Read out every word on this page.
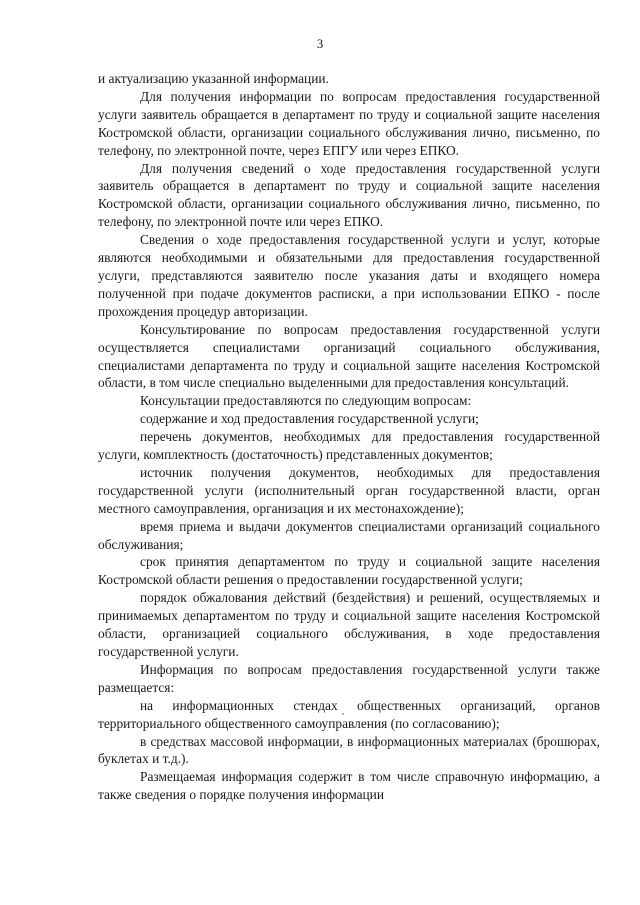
3

и актуализацию указанной информации.

Для получения информации по вопросам предоставления государственной услуги заявитель обращается в департамент по труду и социальной защите населения Костромской области, организации социального обслуживания лично, письменно, по телефону, по электронной почте, через ЕПГУ или через ЕПКО.

Для получения сведений о ходе предоставления государственной услуги заявитель обращается в департамент по труду и социальной защите населения Костромской области, организации социального обслуживания лично, письменно, по телефону, по электронной почте или через ЕПКО.

Сведения о ходе предоставления государственной услуги и услуг, которые являются необходимыми и обязательными для предоставления государственной услуги, представляются заявителю после указания даты и входящего номера полученной при подаче документов расписки, а при использовании ЕПКО - после прохождения процедур авторизации.

Консультирование по вопросам предоставления государственной услуги осуществляется специалистами организаций социального обслуживания, специалистами департамента по труду и социальной защите населения Костромской области, в том числе специально выделенными для предоставления консультаций.

Консультации предоставляются по следующим вопросам:

содержание и ход предоставления государственной услуги;

перечень документов, необходимых для предоставления государственной услуги, комплектность (достаточность) представленных документов;

источник получения документов, необходимых для предоставления государственной услуги (исполнительный орган государственной власти, орган местного самоуправления, организация и их местонахождение);

время приема и выдачи документов специалистами организаций социального обслуживания;

срок принятия департаментом по труду и социальной защите населения Костромской области решения о предоставлении государственной услуги;

порядок обжалования действий (бездействия) и решений, осуществляемых и принимаемых департаментом по труду и социальной защите населения Костромской области, организацией социального обслуживания, в ходе предоставления государственной услуги.

Информация по вопросам предоставления государственной услуги также размещается:

на информационных стендах общественных организаций, органов территориального общественного самоуправления (по согласованию);

в средствах массовой информации, в информационных материалах (брошюрах, буклетах и т.д.).

Размещаемая информация содержит в том числе справочную информацию, а также сведения о порядке получения информации
